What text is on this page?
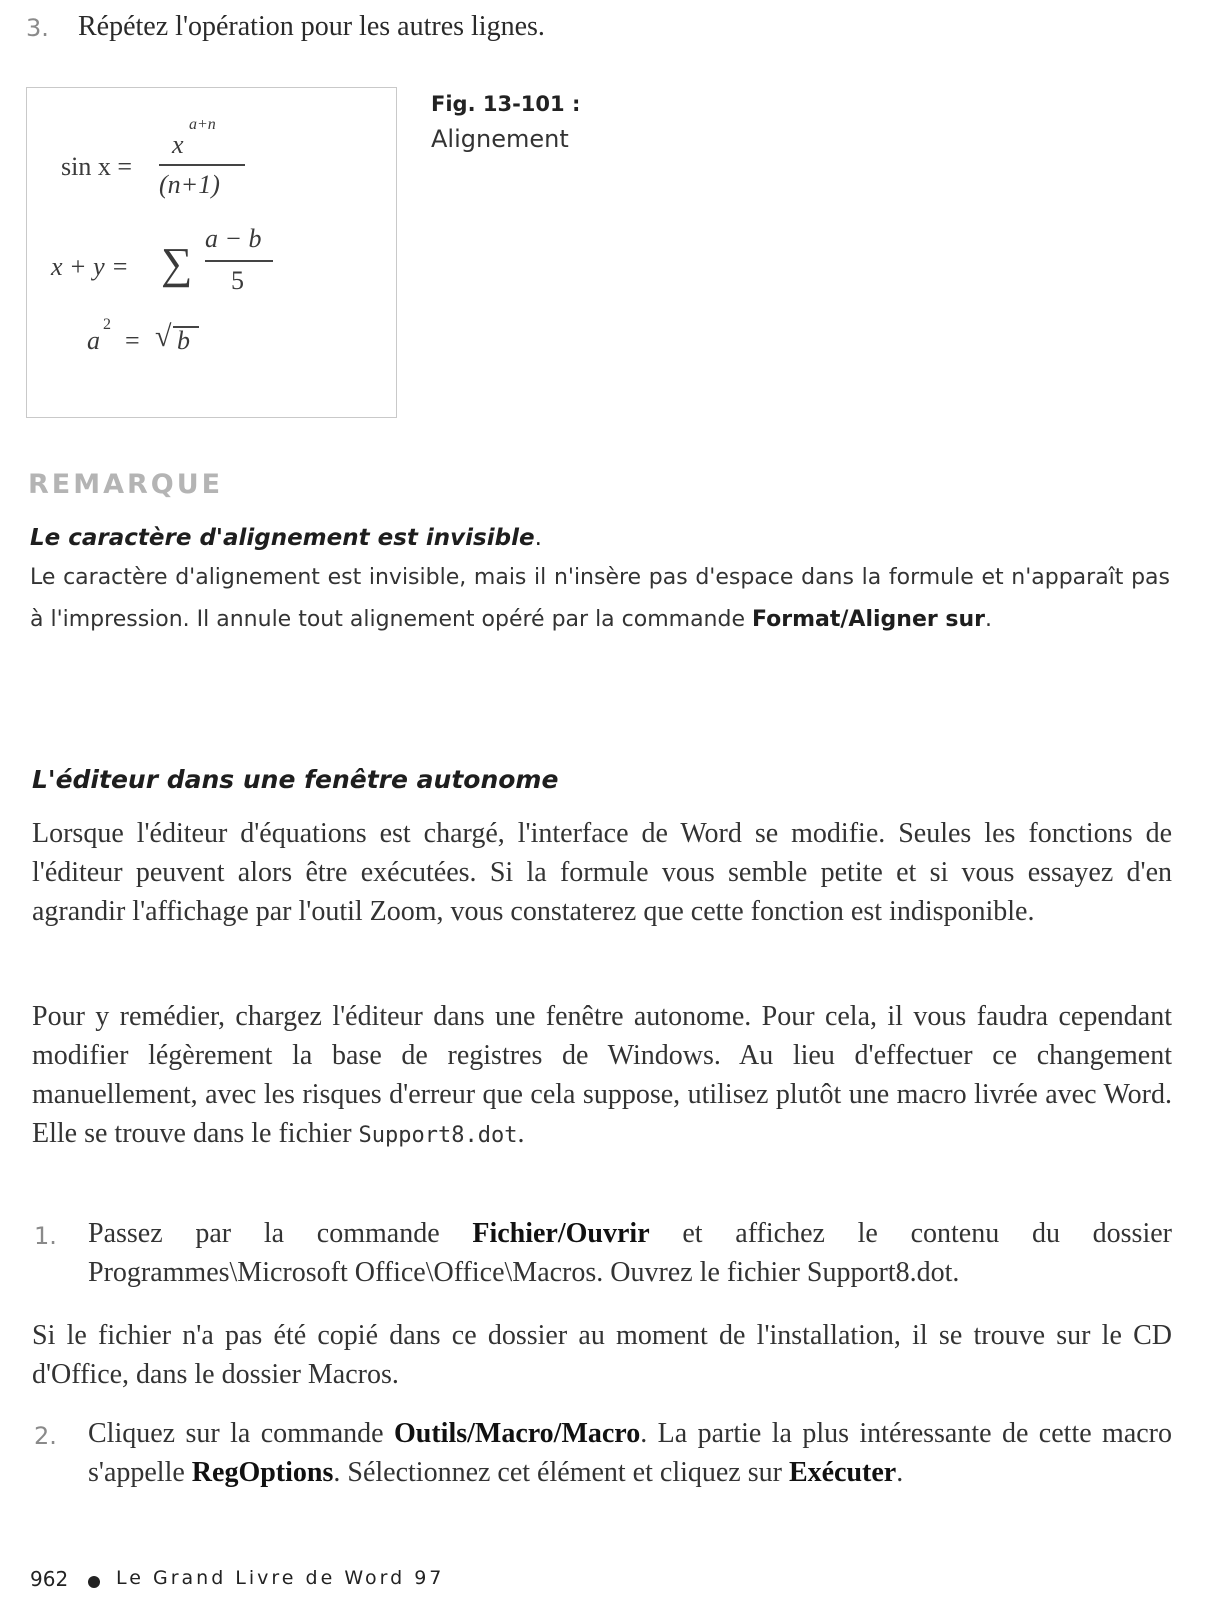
3. Répétez l'opération pour les autres lignes.
sin x =
x
a+n
(n+1)
x + y = ∑
a − b
5
a
2
= √ b
Fig. 13-101 :
Alignement
REMARQUE
Le caractère d'alignement est invisible.
Le caractère d'alignement est invisible, mais il n'insère pas d'espace dans la formule et n'apparaît pas à l'impression. Il annule tout alignement opéré par la commande Format/Aligner sur.
L'éditeur dans une fenêtre autonome
Lorsque l'éditeur d'équations est chargé, l'interface de Word se modifie. Seules les fonctions de l'éditeur peuvent alors être exécutées. Si la formule vous semble petite et si vous essayez d'en agrandir l'affichage par l'outil Zoom, vous constaterez que cette fonction est indisponible.
Pour y remédier, chargez l'éditeur dans une fenêtre autonome. Pour cela, il vous faudra cependant modifier légèrement la base de registres de Windows. Au lieu d'effectuer ce changement manuellement, avec les risques d'erreur que cela suppose, utilisez plutôt une macro livrée avec Word. Elle se trouve dans le fichier Support8.dot.
1. Passez par la commande Fichier/Ouvrir et affichez le contenu du dossier Programmes\Microsoft Office\Office\Macros. Ouvrez le fichier Support8.dot.
Si le fichier n'a pas été copié dans ce dossier au moment de l'installation, il se trouve sur le CD d'Office, dans le dossier Macros.
2. Cliquez sur la commande Outils/Macro/Macro. La partie la plus intéressante de cette macro s'appelle RegOptions. Sélectionnez cet élément et cliquez sur Exécuter.
962	Le Grand Livre de Word 97
